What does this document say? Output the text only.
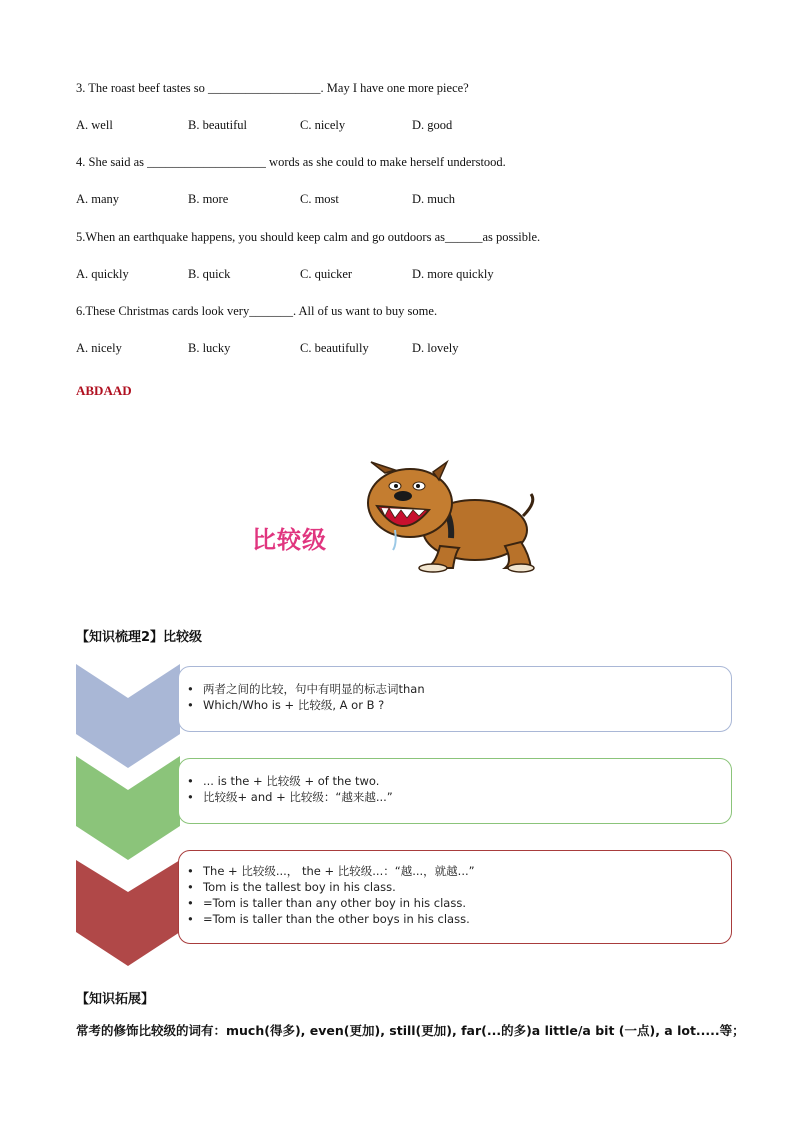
3. The roast beef tastes so __________________. May I have one more piece?
A. well	B. beautiful	C. nicely	D. good
4. She said as ___________________ words as she could to make herself understood.
A. many	B. more	C. most	D. much
5.When an earthquake happens, you should keep calm and go outdoors as______as possible.
A. quickly	B. quick	C. quicker	D. more quickly
6.These Christmas cards look very_______. All of us want to buy some.
A. nicely	B. lucky	C. beautifully	D. lovely
ABDAAD
比较级
【知识梳理2】比较级
• 两者之间的比较，句中有明显的标志词than
• Which/Who is + 比较级, A or B ?
• ... is the + 比较级 + of the two.
• 比较级+ and + 比较级：“越来越...”
• The + 比较级...， the + 比较级...：“越...，就越...”
• Tom is the tallest boy in his class.
• =Tom is taller than any other boy in his class.
• =Tom is taller than the other boys in his class.
【知识拓展】
常考的修饰比较级的词有：much(得多), even(更加), still(更加), far(...的多)a little/a bit (一点), a lot.....等；
